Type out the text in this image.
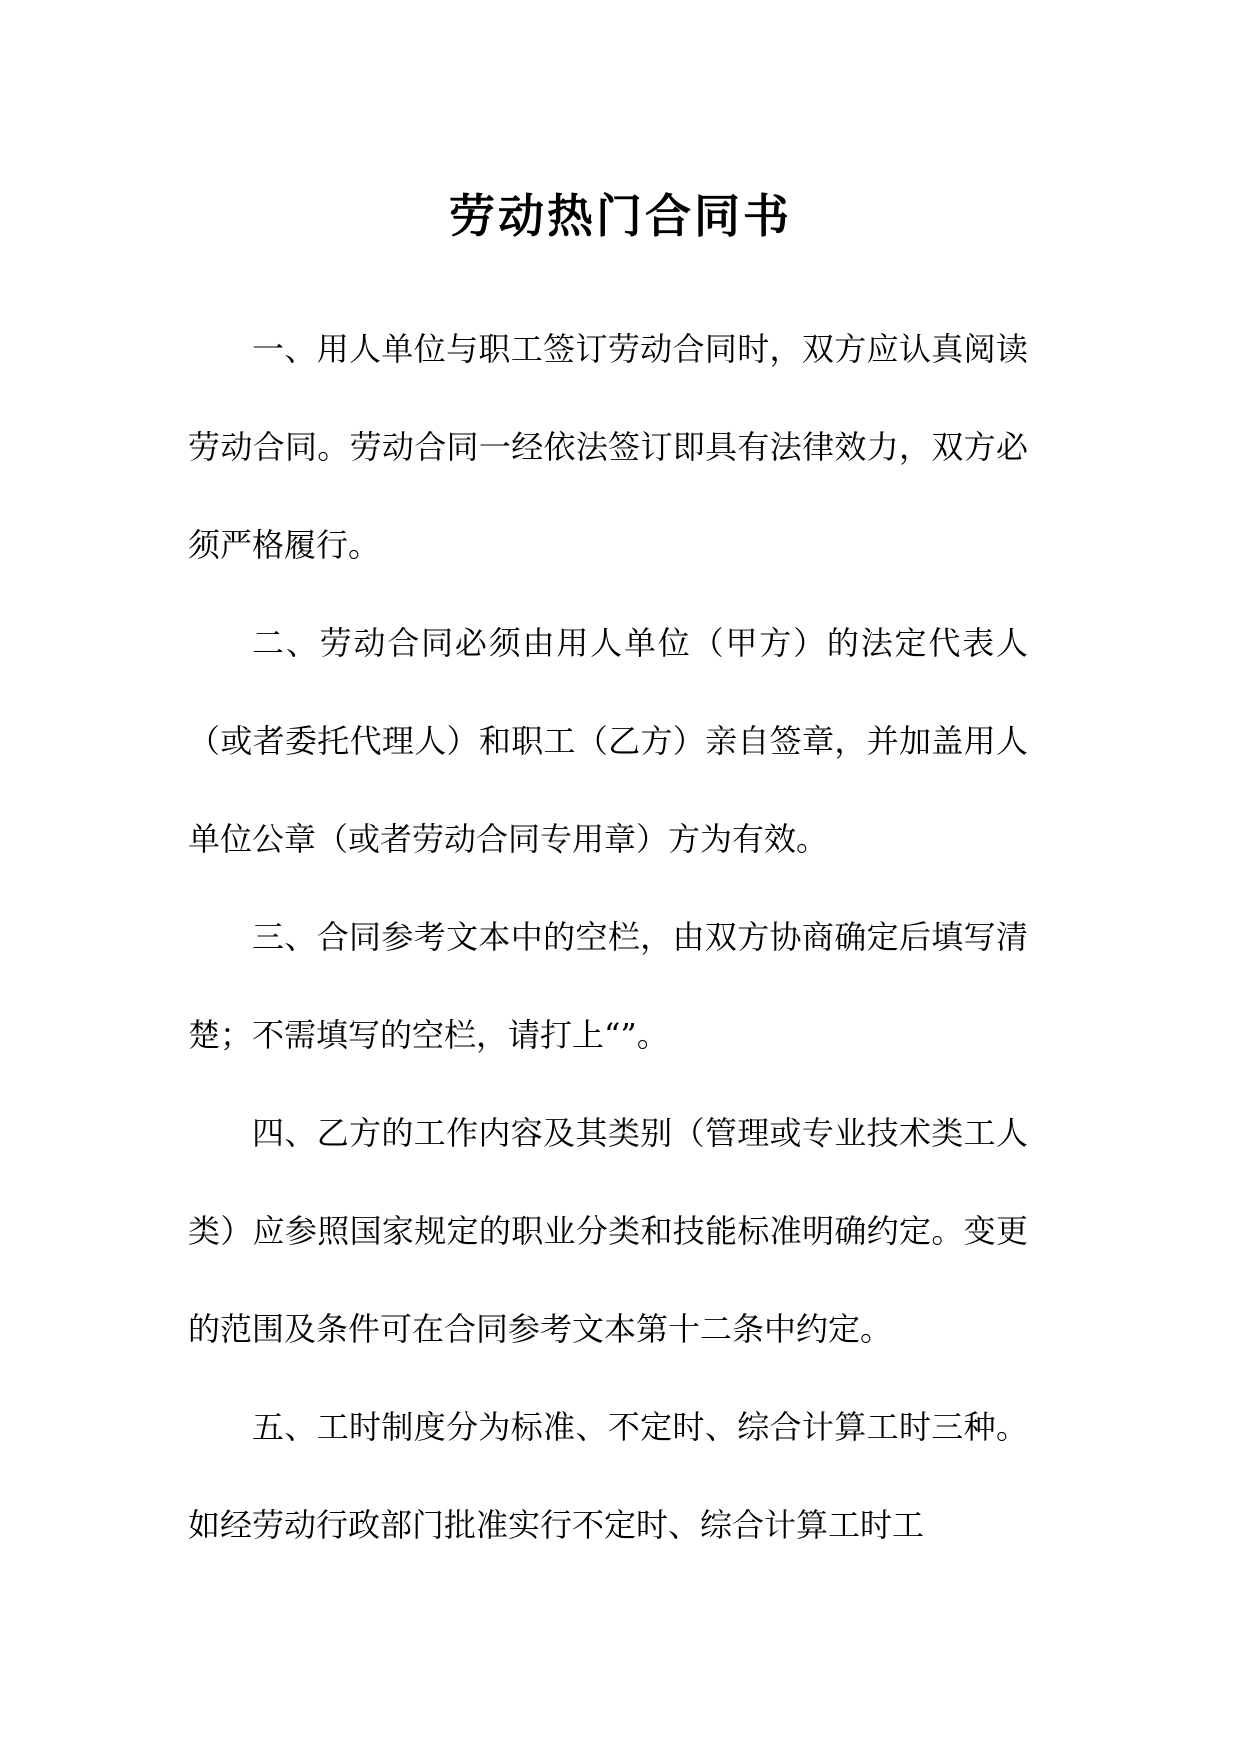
劳动热门合同书

一、用人单位与职工签订劳动合同时，双方应认真阅读劳动合同。劳动合同一经依法签订即具有法律效力，双方必须严格履行。

二、劳动合同必须由用人单位（甲方）的法定代表人（或者委托代理人）和职工（乙方）亲自签章，并加盖用人单位公章（或者劳动合同专用章）方为有效。

三、合同参考文本中的空栏，由双方协商确定后填写清楚；不需填写的空栏，请打上“”。

四、乙方的工作内容及其类别（管理或专业技术类工人类）应参照国家规定的职业分类和技能标准明确约定。变更的范围及条件可在合同参考文本第十二条中约定。

五、工时制度分为标准、不定时、综合计算工时三种。如经劳动行政部门批准实行不定时、综合计算工时工
